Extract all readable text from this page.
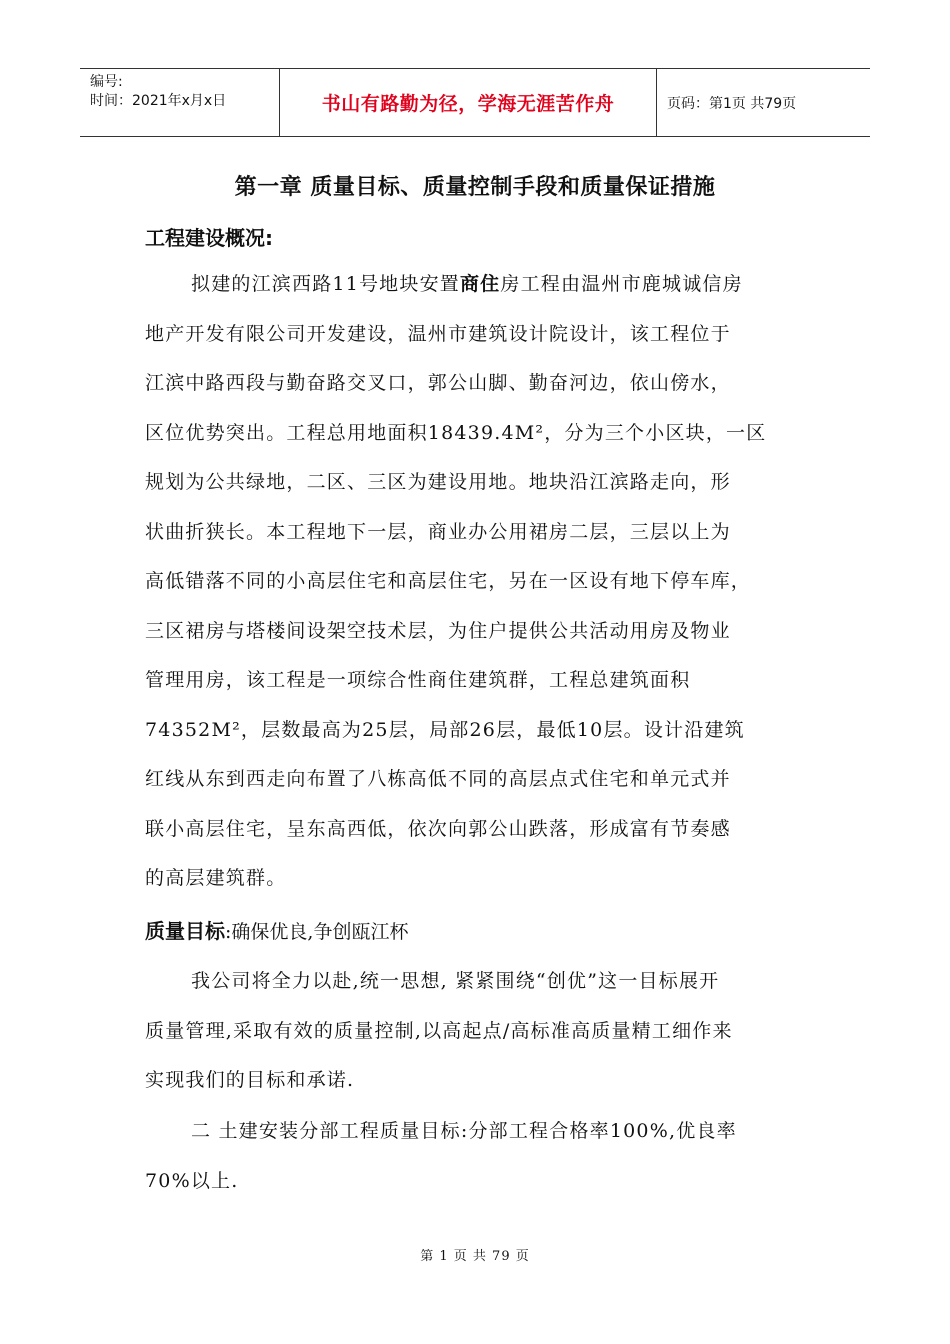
编号:
时间：2021年x月x日	书山有路勤为径，学海无涯苦作舟	页码：第1页 共79页
第一章 质量目标、质量控制手段和质量保证措施
工程建设概况:
拟建的江滨西路11号地块安置商住房工程由温州市鹿城诚信房
地产开发有限公司开发建设，温州市建筑设计院设计，该工程位于
江滨中路西段与勤奋路交叉口，郭公山脚、勤奋河边，依山傍水，
区位优势突出。工程总用地面积18439.4M²，分为三个小区块，一区
规划为公共绿地，二区、三区为建设用地。地块沿江滨路走向，形
状曲折狭长。本工程地下一层，商业办公用裙房二层，三层以上为
高低错落不同的小高层住宅和高层住宅，另在一区设有地下停车库，
三区裙房与塔楼间设架空技术层，为住户提供公共活动用房及物业
管理用房，该工程是一项综合性商住建筑群，工程总建筑面积
74352M²，层数最高为25层，局部26层，最低10层。设计沿建筑
红线从东到西走向布置了八栋高低不同的高层点式住宅和单元式并
联小高层住宅，呈东高西低，依次向郭公山跌落，形成富有节奏感
的高层建筑群。
质量目标:确保优良,争创瓯江杯
我公司将全力以赴,统一思想, 紧紧围绕“创优”这一目标展开
质量管理,采取有效的质量控制,以高起点/高标准高质量精工细作来
实现我们的目标和承诺.
二 土建安装分部工程质量目标:分部工程合格率100%,优良率
70%以上.
第 1 页 共 79 页
